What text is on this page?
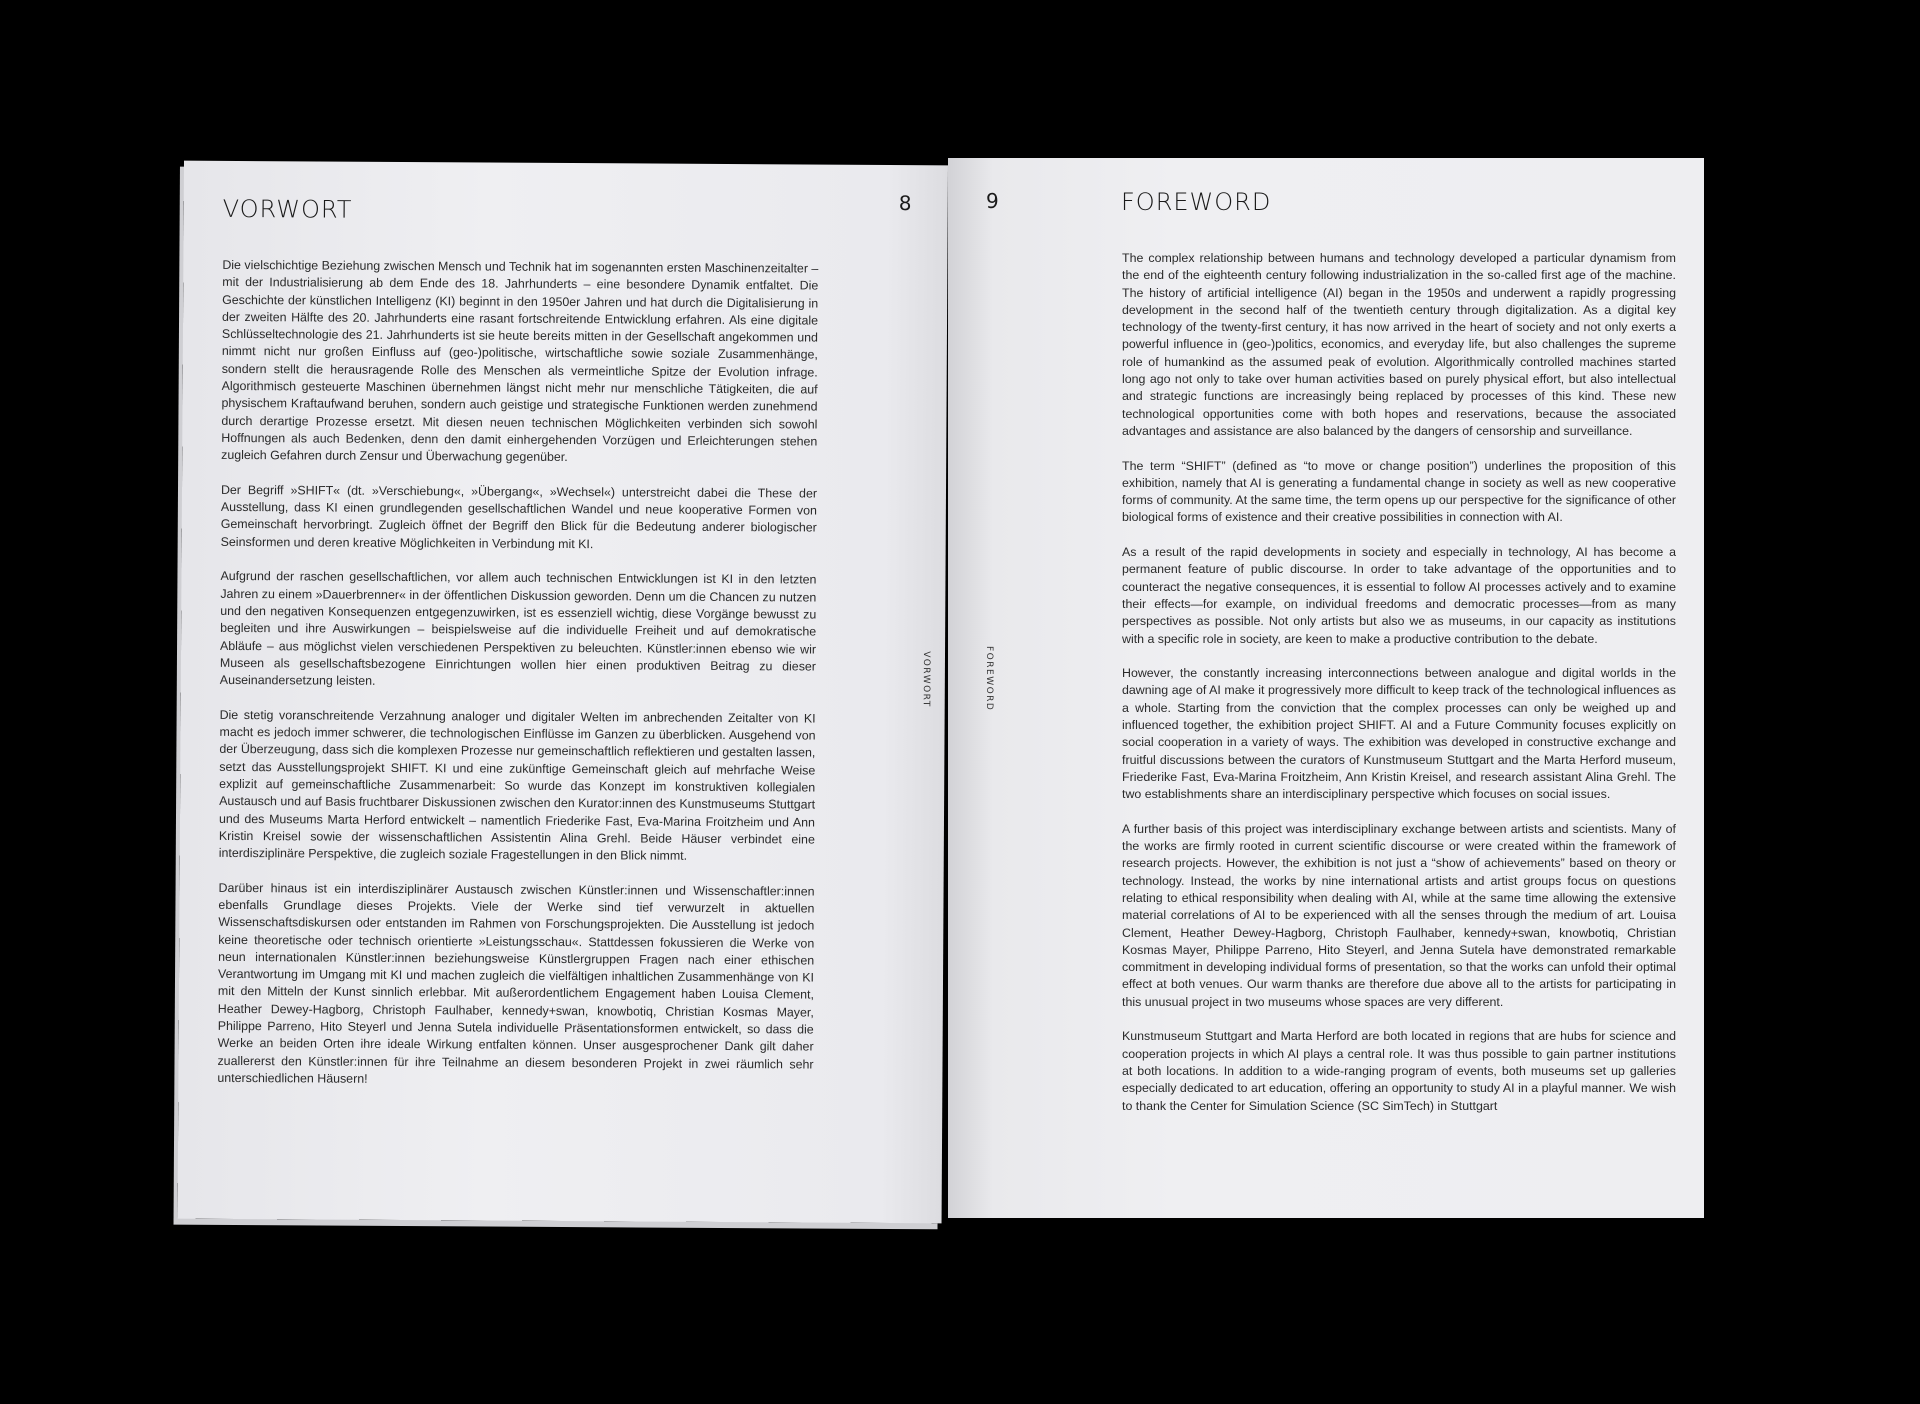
VORWORT	8
VORWORT

Die vielschichtige Beziehung zwischen Mensch und Technik hat im sogenannten ersten Maschinenzeitalter – mit der Industrialisierung ab dem Ende des 18. Jahrhunderts – eine besondere Dynamik entfaltet. Die Geschichte der künstlichen Intelligenz (KI) beginnt in den 1950er Jahren und hat durch die Digitalisierung in der zweiten Hälfte des 20. Jahrhunderts eine rasant fortschreitende Entwicklung erfahren. Als eine digitale Schlüsseltechnologie des 21. Jahrhunderts ist sie heute bereits mitten in der Gesellschaft angekommen und nimmt nicht nur großen Einfluss auf (geo-)politische, wirtschaftliche sowie soziale Zusammenhänge, sondern stellt die herausragende Rolle des Menschen als vermeintliche Spitze der Evolution infrage. Algorithmisch gesteuerte Maschinen übernehmen längst nicht mehr nur menschliche Tätigkeiten, die auf physischem Kraftaufwand beruhen, sondern auch geistige und strategische Funktionen werden zunehmend durch derartige Prozesse ersetzt. Mit diesen neuen technischen Möglichkeiten verbinden sich sowohl Hoffnungen als auch Bedenken, denn den damit einhergehenden Vorzügen und Erleichterungen stehen zugleich Gefahren durch Zensur und Überwachung gegenüber.

Der Begriff »SHIFT« (dt. »Verschiebung«, »Übergang«, »Wechsel«) unterstreicht dabei die These der Ausstellung, dass KI einen grundlegenden gesellschaftlichen Wandel und neue kooperative Formen von Gemeinschaft hervorbringt. Zugleich öffnet der Begriff den Blick für die Bedeutung anderer biologischer Seinsformen und deren kreative Möglichkeiten in Verbindung mit KI.

Aufgrund der raschen gesellschaftlichen, vor allem auch technischen Entwicklungen ist KI in den letzten Jahren zu einem »Dauerbrenner« in der öffentlichen Diskussion geworden. Denn um die Chancen zu nutzen und den negativen Konsequenzen entgegenzuwirken, ist es essenziell wichtig, diese Vorgänge bewusst zu begleiten und ihre Auswirkungen – beispielsweise auf die individuelle Freiheit und auf demokratische Abläufe – aus möglichst vielen verschiedenen Perspektiven zu beleuchten. Künstler:innen ebenso wie wir Museen als gesellschaftsbezogene Einrichtungen wollen hier einen produktiven Beitrag zu dieser Auseinandersetzung leisten.

Die stetig voranschreitende Verzahnung analoger und digitaler Welten im anbrechenden Zeitalter von KI macht es jedoch immer schwerer, die technologischen Einflüsse im Ganzen zu überblicken. Ausgehend von der Überzeugung, dass sich die komplexen Prozesse nur gemeinschaftlich reflektieren und gestalten lassen, setzt das Ausstellungsprojekt SHIFT. KI und eine zukünftige Gemeinschaft gleich auf mehrfache Weise explizit auf gemeinschaftliche Zusammenarbeit: So wurde das Konzept im konstruktiven kollegialen Austausch und auf Basis fruchtbarer Diskussionen zwischen den Kurator:innen des Kunstmuseums Stuttgart und des Museums Marta Herford entwickelt – namentlich Friederike Fast, Eva-Marina Froitzheim und Ann Kristin Kreisel sowie der wissenschaftlichen Assistentin Alina Grehl. Beide Häuser verbindet eine interdisziplinäre Perspektive, die zugleich soziale Fragestellungen in den Blick nimmt.

Darüber hinaus ist ein interdisziplinärer Austausch zwischen Künstler:innen und Wissenschaftler:innen ebenfalls Grundlage dieses Projekts. Viele der Werke sind tief verwurzelt in aktuellen Wissenschaftsdiskursen oder entstanden im Rahmen von Forschungsprojekten. Die Ausstellung ist jedoch keine theoretische oder technisch orientierte »Leistungsschau«. Stattdessen fokussieren die Werke von neun internationalen Künstler:innen beziehungsweise Künstlergruppen Fragen nach einer ethischen Verantwortung im Umgang mit KI und machen zugleich die vielfältigen inhaltlichen Zusammenhänge von KI mit den Mitteln der Kunst sinnlich erlebbar. Mit außerordentlichem Engagement haben Louisa Clement, Heather Dewey-Hagborg, Christoph Faulhaber, kennedy+swan, knowbotiq, Christian Kosmas Mayer, Philippe Parreno, Hito Steyerl und Jenna Sutela individuelle Präsentationsformen entwickelt, so dass die Werke an beiden Orten ihre ideale Wirkung entfalten können. Unser ausgesprochener Dank gilt daher zuallererst den Künstler:innen für ihre Teilnahme an diesem besonderen Projekt in zwei räumlich sehr unterschiedlichen Häusern!

9	FOREWORD
FOREWORD

The complex relationship between humans and technology developed a particular dynamism from the end of the eighteenth century following industrialization in the so-called first age of the machine. The history of artificial intelligence (AI) began in the 1950s and underwent a rapidly progressing development in the second half of the twentieth century through digitalization. As a digital key technology of the twenty-first century, it has now arrived in the heart of society and not only exerts a powerful influence in (geo-)politics, economics, and everyday life, but also challenges the supreme role of humankind as the assumed peak of evolution. Algorithmically controlled machines started long ago not only to take over human activities based on purely physical effort, but also intellectual and strategic functions are increasingly being replaced by processes of this kind. These new technological opportunities come with both hopes and reservations, because the associated advantages and assistance are also balanced by the dangers of censorship and surveillance.

The term “SHIFT” (defined as “to move or change position”) underlines the proposition of this exhibition, namely that AI is generating a fundamental change in society as well as new cooperative forms of community. At the same time, the term opens up our perspective for the significance of other biological forms of existence and their creative possibilities in connection with AI.

As a result of the rapid developments in society and especially in technology, AI has become a permanent feature of public discourse. In order to take advantage of the opportunities and to counteract the negative consequences, it is essential to follow AI processes actively and to examine their effects—for example, on individual freedoms and democratic processes—from as many perspectives as possible. Not only artists but also we as museums, in our capacity as institutions with a specific role in society, are keen to make a productive contribution to the debate.

However, the constantly increasing interconnections between analogue and digital worlds in the dawning age of AI make it progressively more difficult to keep track of the technological influences as a whole. Starting from the conviction that the complex processes can only be weighed up and influenced together, the exhibition project SHIFT. AI and a Future Community focuses explicitly on social cooperation in a variety of ways. The exhibition was developed in constructive exchange and fruitful discussions between the curators of Kunstmuseum Stuttgart and the Marta Herford museum, Friederike Fast, Eva-Marina Froitzheim, Ann Kristin Kreisel, and research assistant Alina Grehl. The two establishments share an interdisciplinary perspective which focuses on social issues.

A further basis of this project was interdisciplinary exchange between artists and scientists. Many of the works are firmly rooted in current scientific discourse or were created within the framework of research projects. However, the exhibition is not just a “show of achievements” based on theory or technology. Instead, the works by nine international artists and artist groups focus on questions relating to ethical responsibility when dealing with AI, while at the same time allowing the extensive material correlations of AI to be experienced with all the senses through the medium of art. Louisa Clement, Heather Dewey-Hagborg, Christoph Faulhaber, kennedy+swan, knowbotiq, Christian Kosmas Mayer, Philippe Parreno, Hito Steyerl, and Jenna Sutela have demonstrated remarkable commitment in developing individual forms of presentation, so that the works can unfold their optimal effect at both venues. Our warm thanks are therefore due above all to the artists for participating in this unusual project in two museums whose spaces are very different.

Kunstmuseum Stuttgart and Marta Herford are both located in regions that are hubs for science and cooperation projects in which AI plays a central role. It was thus possible to gain partner institutions at both locations. In addition to a wide-ranging program of events, both museums set up galleries especially dedicated to art education, offering an opportunity to study AI in a playful manner. We wish to thank the Center for Simulation Science (SC SimTech) in Stuttgart
